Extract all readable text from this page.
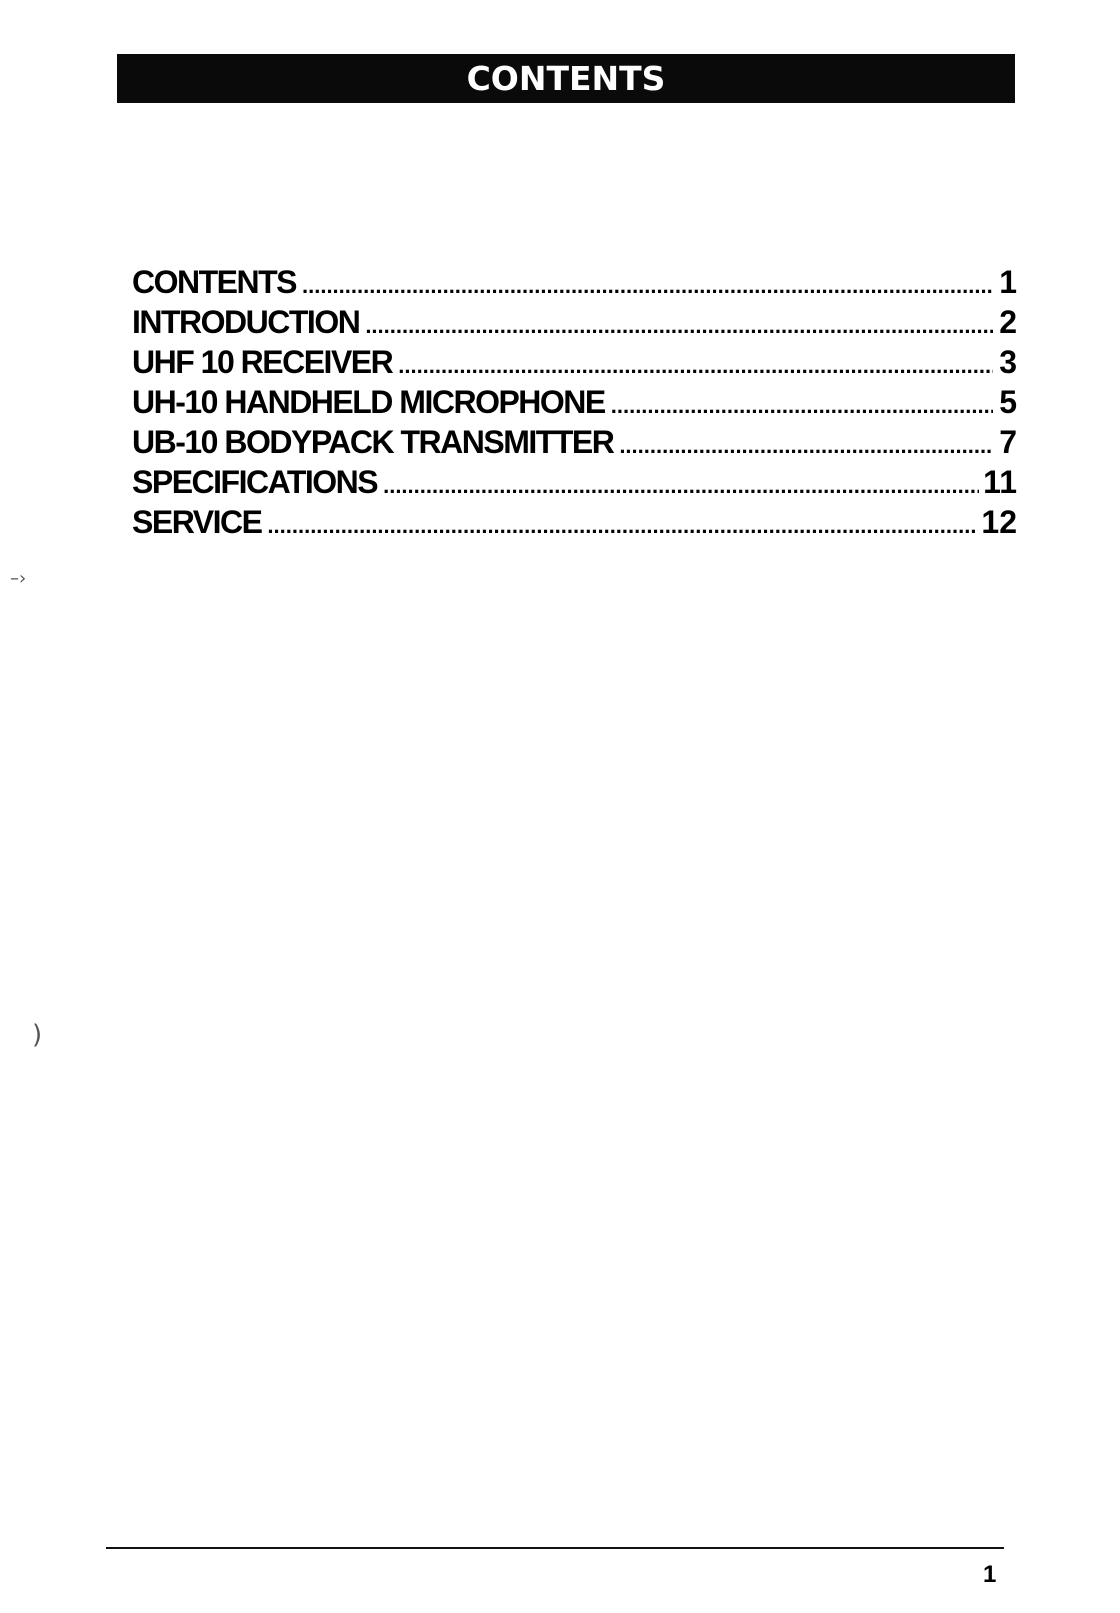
CONTENTS
CONTENTS .....	1
INTRODUCTION .....	2
UHF 10 RECEIVER .....	3
UH-10 HANDHELD MICROPHONE .....	5
UB-10 BODYPACK TRANSMITTER .....	7
SPECIFICATIONS .....	11
SERVICE .....	12
–›
)
1
